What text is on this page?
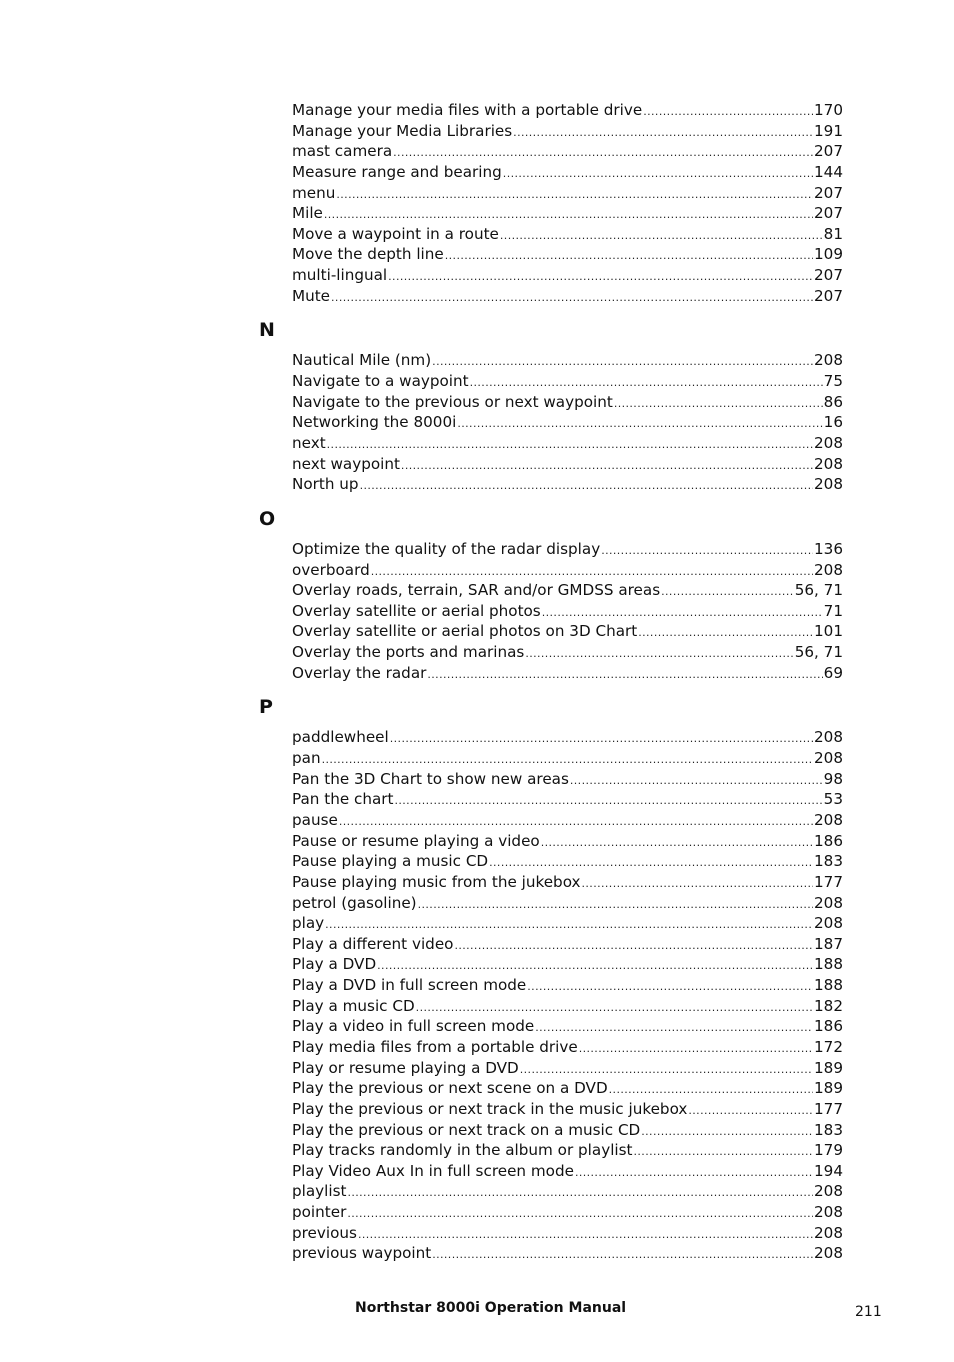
Manage your media files with a portable drive .....	170
Manage your Media Libraries .....	191
mast camera .....	207
Measure range and bearing .....	144
menu .....	207
Mile .....	207
Move a waypoint in a route .....	81
Move the depth line .....	109
multi-lingual .....	207
Mute .....	207
N
Nautical Mile (nm) .....	208
Navigate to a waypoint .....	75
Navigate to the previous or next waypoint .....	86
Networking the 8000i .....	16
next .....	208
next waypoint .....	208
North up .....	208
O
Optimize the quality of the radar display .....	136
overboard .....	208
Overlay roads, terrain, SAR and/or GMDSS areas .....	56, 71
Overlay satellite or aerial photos .....	71
Overlay satellite or aerial photos on 3D Chart .....	101
Overlay the ports and marinas .....	56, 71
Overlay the radar .....	69
P
paddlewheel .....	208
pan .....	208
Pan the 3D Chart to show new areas .....	98
Pan the chart .....	53
pause .....	208
Pause or resume playing a video .....	186
Pause playing a music CD .....	183
Pause playing music from the jukebox .....	177
petrol (gasoline) .....	208
play .....	208
Play a different video .....	187
Play a DVD .....	188
Play a DVD in full screen mode .....	188
Play a music CD .....	182
Play a video in full screen mode .....	186
Play media files from a portable drive .....	172
Play or resume playing a DVD .....	189
Play the previous or next scene on a DVD .....	189
Play the previous or next track in the music jukebox .....	177
Play the previous or next track on a music CD .....	183
Play tracks randomly in the album or playlist .....	179
Play Video Aux In in full screen mode .....	194
playlist .....	208
pointer .....	208
previous .....	208
previous waypoint .....	208
Northstar 8000i Operation Manual	211
